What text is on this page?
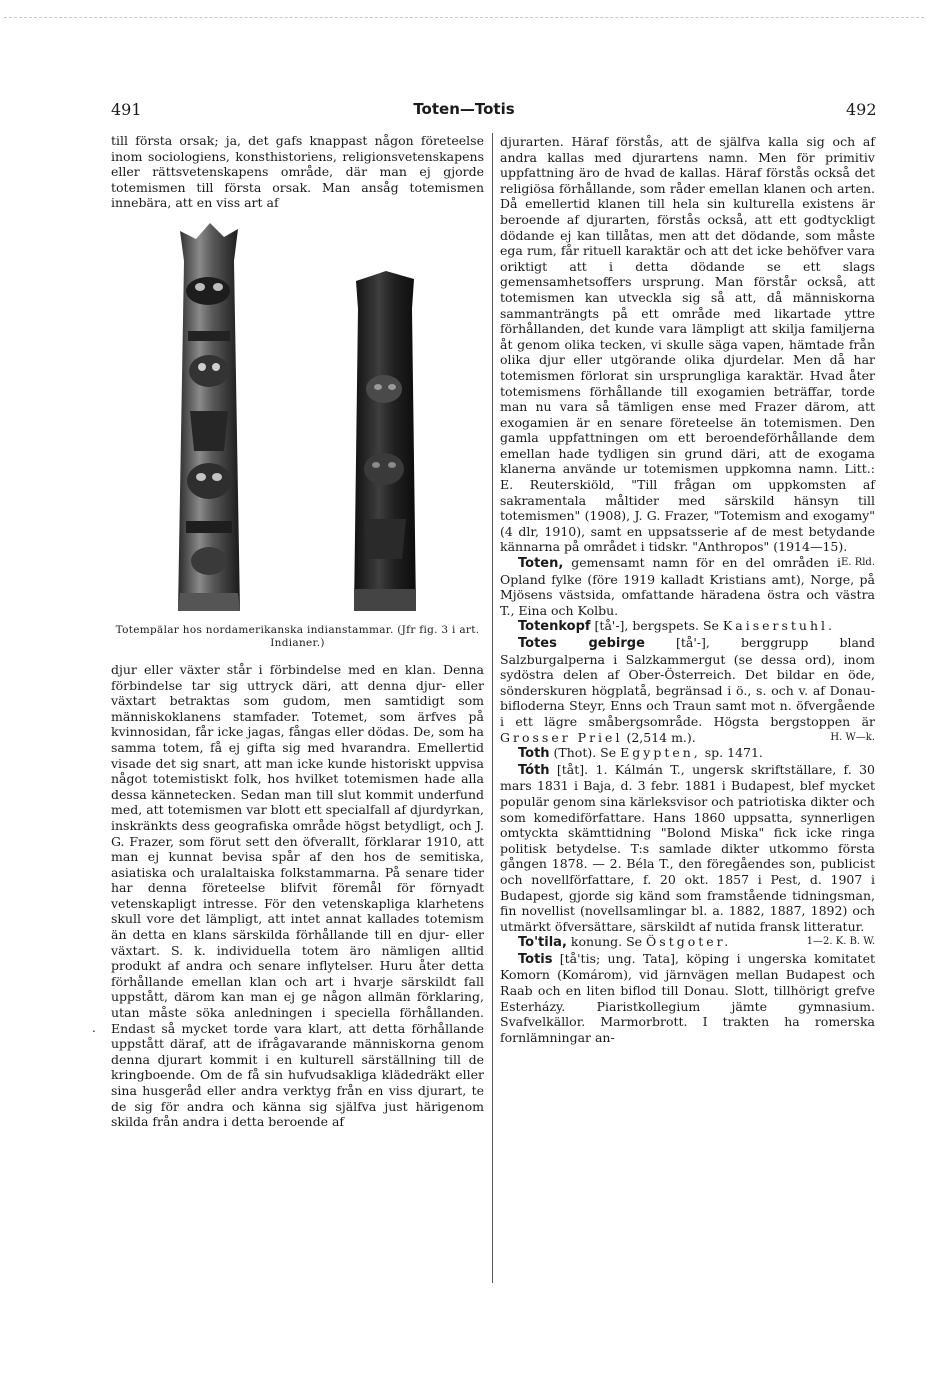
491	Toten—Totis	492

till första orsak; ja, det gafs knappast någon företeelse inom sociologiens, konsthistoriens, religionsvetenskapens eller rättsvetenskapens område, där man ej gjorde totemismen till första orsak. Man ansåg totemismen innebära, att en viss art af

Totempälar hos nordamerikanska indianstammar. (Jfr fig. 3 i art. Indianer.)

djur eller växter står i förbindelse med en klan. Denna förbindelse tar sig uttryck däri, att denna djur- eller växtart betraktas som gudom, men samtidigt som människoklanens stamfader. Totemet, som ärfves på kvinnosidan, får icke jagas, fångas eller dödas. De, som ha samma totem, få ej gifta sig med hvarandra. Emellertid visade det sig snart, att man icke kunde historiskt uppvisa något totemistiskt folk, hos hvilket totemismen hade alla dessa kännetecken. Sedan man till slut kommit underfund med, att totemismen var blott ett specialfall af djurdyrkan, inskränkts dess geografiska område högst betydligt, och J. G. Frazer, som förut sett den öfverallt, förklarar 1910, att man ej kunnat bevisa spår af den hos de semitiska, asiatiska och uralaltaiska folkstammarna. På senare tider har denna företeelse blifvit föremål för förnyadt vetenskapligt intresse. För den vetenskapliga klarhetens skull vore det lämpligt, att intet annat kallades totemism än detta en klans särskilda förhållande till en djur- eller växtart. S. k. individuella totem äro nämligen alltid produkt af andra och senare inflytelser. Huru åter detta förhållande emellan klan och art i hvarje särskildt fall uppstått, därom kan man ej ge någon allmän förklaring, utan måste söka anledningen i speciella förhållanden. Endast så mycket torde vara klart, att detta förhållande uppstått däraf, att de ifrågavarande människorna genom denna djurart kommit i en kulturell särställning till de kringboende. Om de få sin hufvudsakliga klädedräkt eller sina husgeråd eller andra verktyg från en viss djurart, te de sig för andra och känna sig själfva just härigenom skilda från andra i detta beroende af

.

djurarten. Häraf förstås, att de själfva kalla sig och af andra kallas med djurartens namn. Men för primitiv uppfattning äro de hvad de kallas. Häraf förstås också det religiösa förhållande, som råder emellan klanen och arten. Då emellertid klanen till hela sin kulturella existens är beroende af djurarten, förstås också, att ett godtyckligt dödande ej kan tillåtas, men att det dödande, som måste ega rum, får rituell karaktär och att det icke behöfver vara oriktigt att i detta dödande se ett slags gemensamhetsoffers ursprung. Man förstår också, att totemismen kan utveckla sig så att, då människorna sammanträngts på ett område med likartade yttre förhållanden, det kunde vara lämpligt att skilja familjerna åt genom olika tecken, vi skulle säga vapen, hämtade från olika djur eller utgörande olika djurdelar. Men då har totemismen förlorat sin ursprungliga karaktär. Hvad åter totemismens förhållande till exogamien beträffar, torde man nu vara så tämligen ense med Frazer därom, att exogamien är en senare företeelse än totemismen. Den gamla uppfattningen om ett beroendeförhållande dem emellan hade tydligen sin grund däri, att de exogama klanerna använde ur totemismen uppkomna namn. Litt.: E. Reuterskiöld, "Till frågan om uppkomsten af sakramentala måltider med särskild hänsyn till totemismen" (1908), J. G. Frazer, "Totemism and exogamy" (4 dlr, 1910), samt en uppsatsserie af de mest betydande kännarna på området i tidskr. "Anthropos" (1914—15).
E. Rld.

Toten, gemensamt namn för en del områden i Opland fylke (före 1919 kalladt Kristians amt), Norge, på Mjösens västsida, omfattande häradena östra och västra T., Eina och Kolbu.

Totenkopf [tå'-], bergspets. Se Kaiserstuhl.

Totes gebirge [tå'-], berggrupp bland Salzburgalperna i Salzkammergut (se dessa ord), inom sydöstra delen af Ober-Österreich. Det bildar en öde, sönderskuren högplatå, begränsad i ö., s. och v. af Donau-bifloderna Steyr, Enns och Traun samt mot n. öfvergående i ett lägre småbergsområde. Högsta bergstoppen är Grosser Priel (2,514 m.).	H. W—k.

Toth (Thot). Se Egypten, sp. 1471.

Tóth [tåt]. 1. Kálmán T., ungersk skriftställare, f. 30 mars 1831 i Baja, d. 3 febr. 1881 i Budapest, blef mycket populär genom sina kärleksvisor och patriotiska dikter och som komediförfattare. Hans 1860 uppsatta, synnerligen omtyckta skämttidning "Bolond Miska" fick icke ringa politisk betydelse. T:s samlade dikter utkommo första gången 1878. — 2. Béla T., den föregåendes son, publicist och novellförfattare, f. 20 okt. 1857 i Pest, d. 1907 i Budapest, gjorde sig känd som framstående tidningsman, fin novellist (novellsamlingar bl. a. 1882, 1887, 1892) och utmärkt öfversättare, särskildt af nutida fransk litteratur.
1—2. K. B. W.

To'tila, konung. Se Östgoter.

Totis [tå'tis; ung. Tata], köping i ungerska komitatet Komorn (Komárom), vid järnvägen mellan Budapest och Raab och en liten biflod till Donau. Slott, tillhörigt grefve Esterházy. Piaristkollegium jämte gymnasium. Svafvelkällor. Marmorbrott. I trakten ha romerska fornlämningar an-
